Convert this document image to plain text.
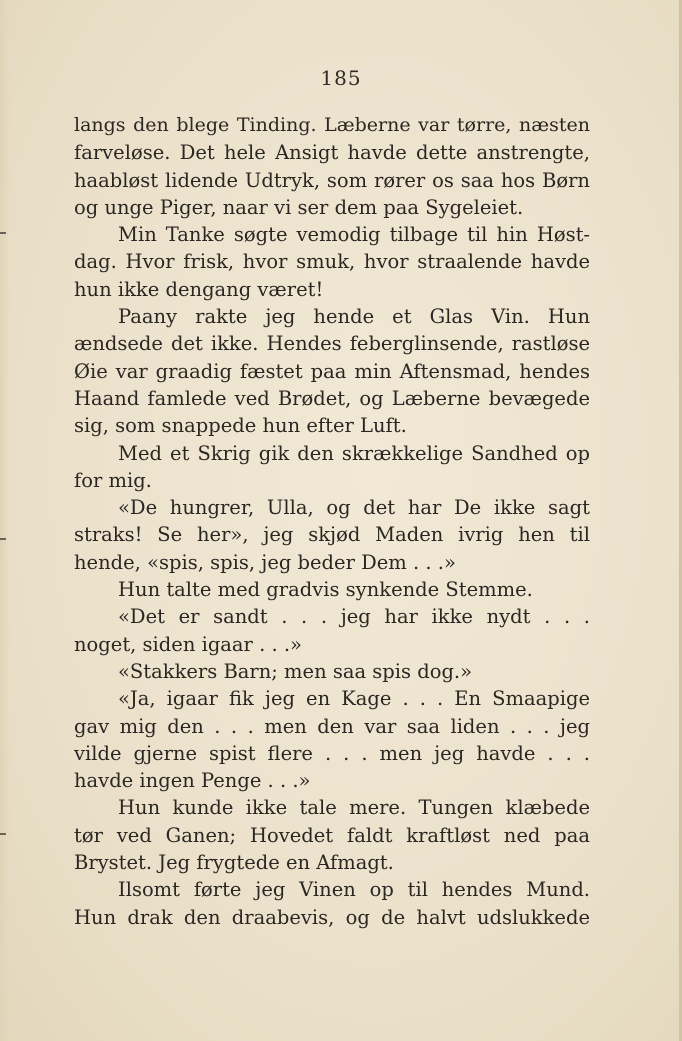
185
langs den blege Tinding. Læberne var tørre, næsten
farveløse. Det hele Ansigt havde dette anstrengte,
haabløst lidende Udtryk, som rører os saa hos Børn
og unge Piger, naar vi ser dem paa Sygeleiet.
Min Tanke søgte vemodig tilbage til hin Høst-
dag. Hvor frisk, hvor smuk, hvor straalende havde
hun ikke dengang været!
Paany rakte jeg hende et Glas Vin. Hun
ændsede det ikke. Hendes feberglinsende, rastløse
Øie var graadig fæstet paa min Aftensmad, hendes
Haand famlede ved Brødet, og Læberne bevægede
sig, som snappede hun efter Luft.
Med et Skrig gik den skrækkelige Sandhed op
for mig.
«De hungrer, Ulla, og det har De ikke sagt
straks! Se her», jeg skjød Maden ivrig hen til
hende, «spis, spis, jeg beder Dem . . .»
Hun talte med gradvis synkende Stemme.
«Det er sandt . . . jeg har ikke nydt . . .
noget, siden igaar . . .»
«Stakkers Barn; men saa spis dog.»
«Ja, igaar fik jeg en Kage . . . En Smaapige
gav mig den . . . men den var saa liden . . . jeg
vilde gjerne spist flere . . . men jeg havde . . .
havde ingen Penge . . .»
Hun kunde ikke tale mere. Tungen klæbede
tør ved Ganen; Hovedet faldt kraftløst ned paa
Brystet. Jeg frygtede en Afmagt.
Ilsomt førte jeg Vinen op til hendes Mund.
Hun drak den draabevis, og de halvt udslukkede
